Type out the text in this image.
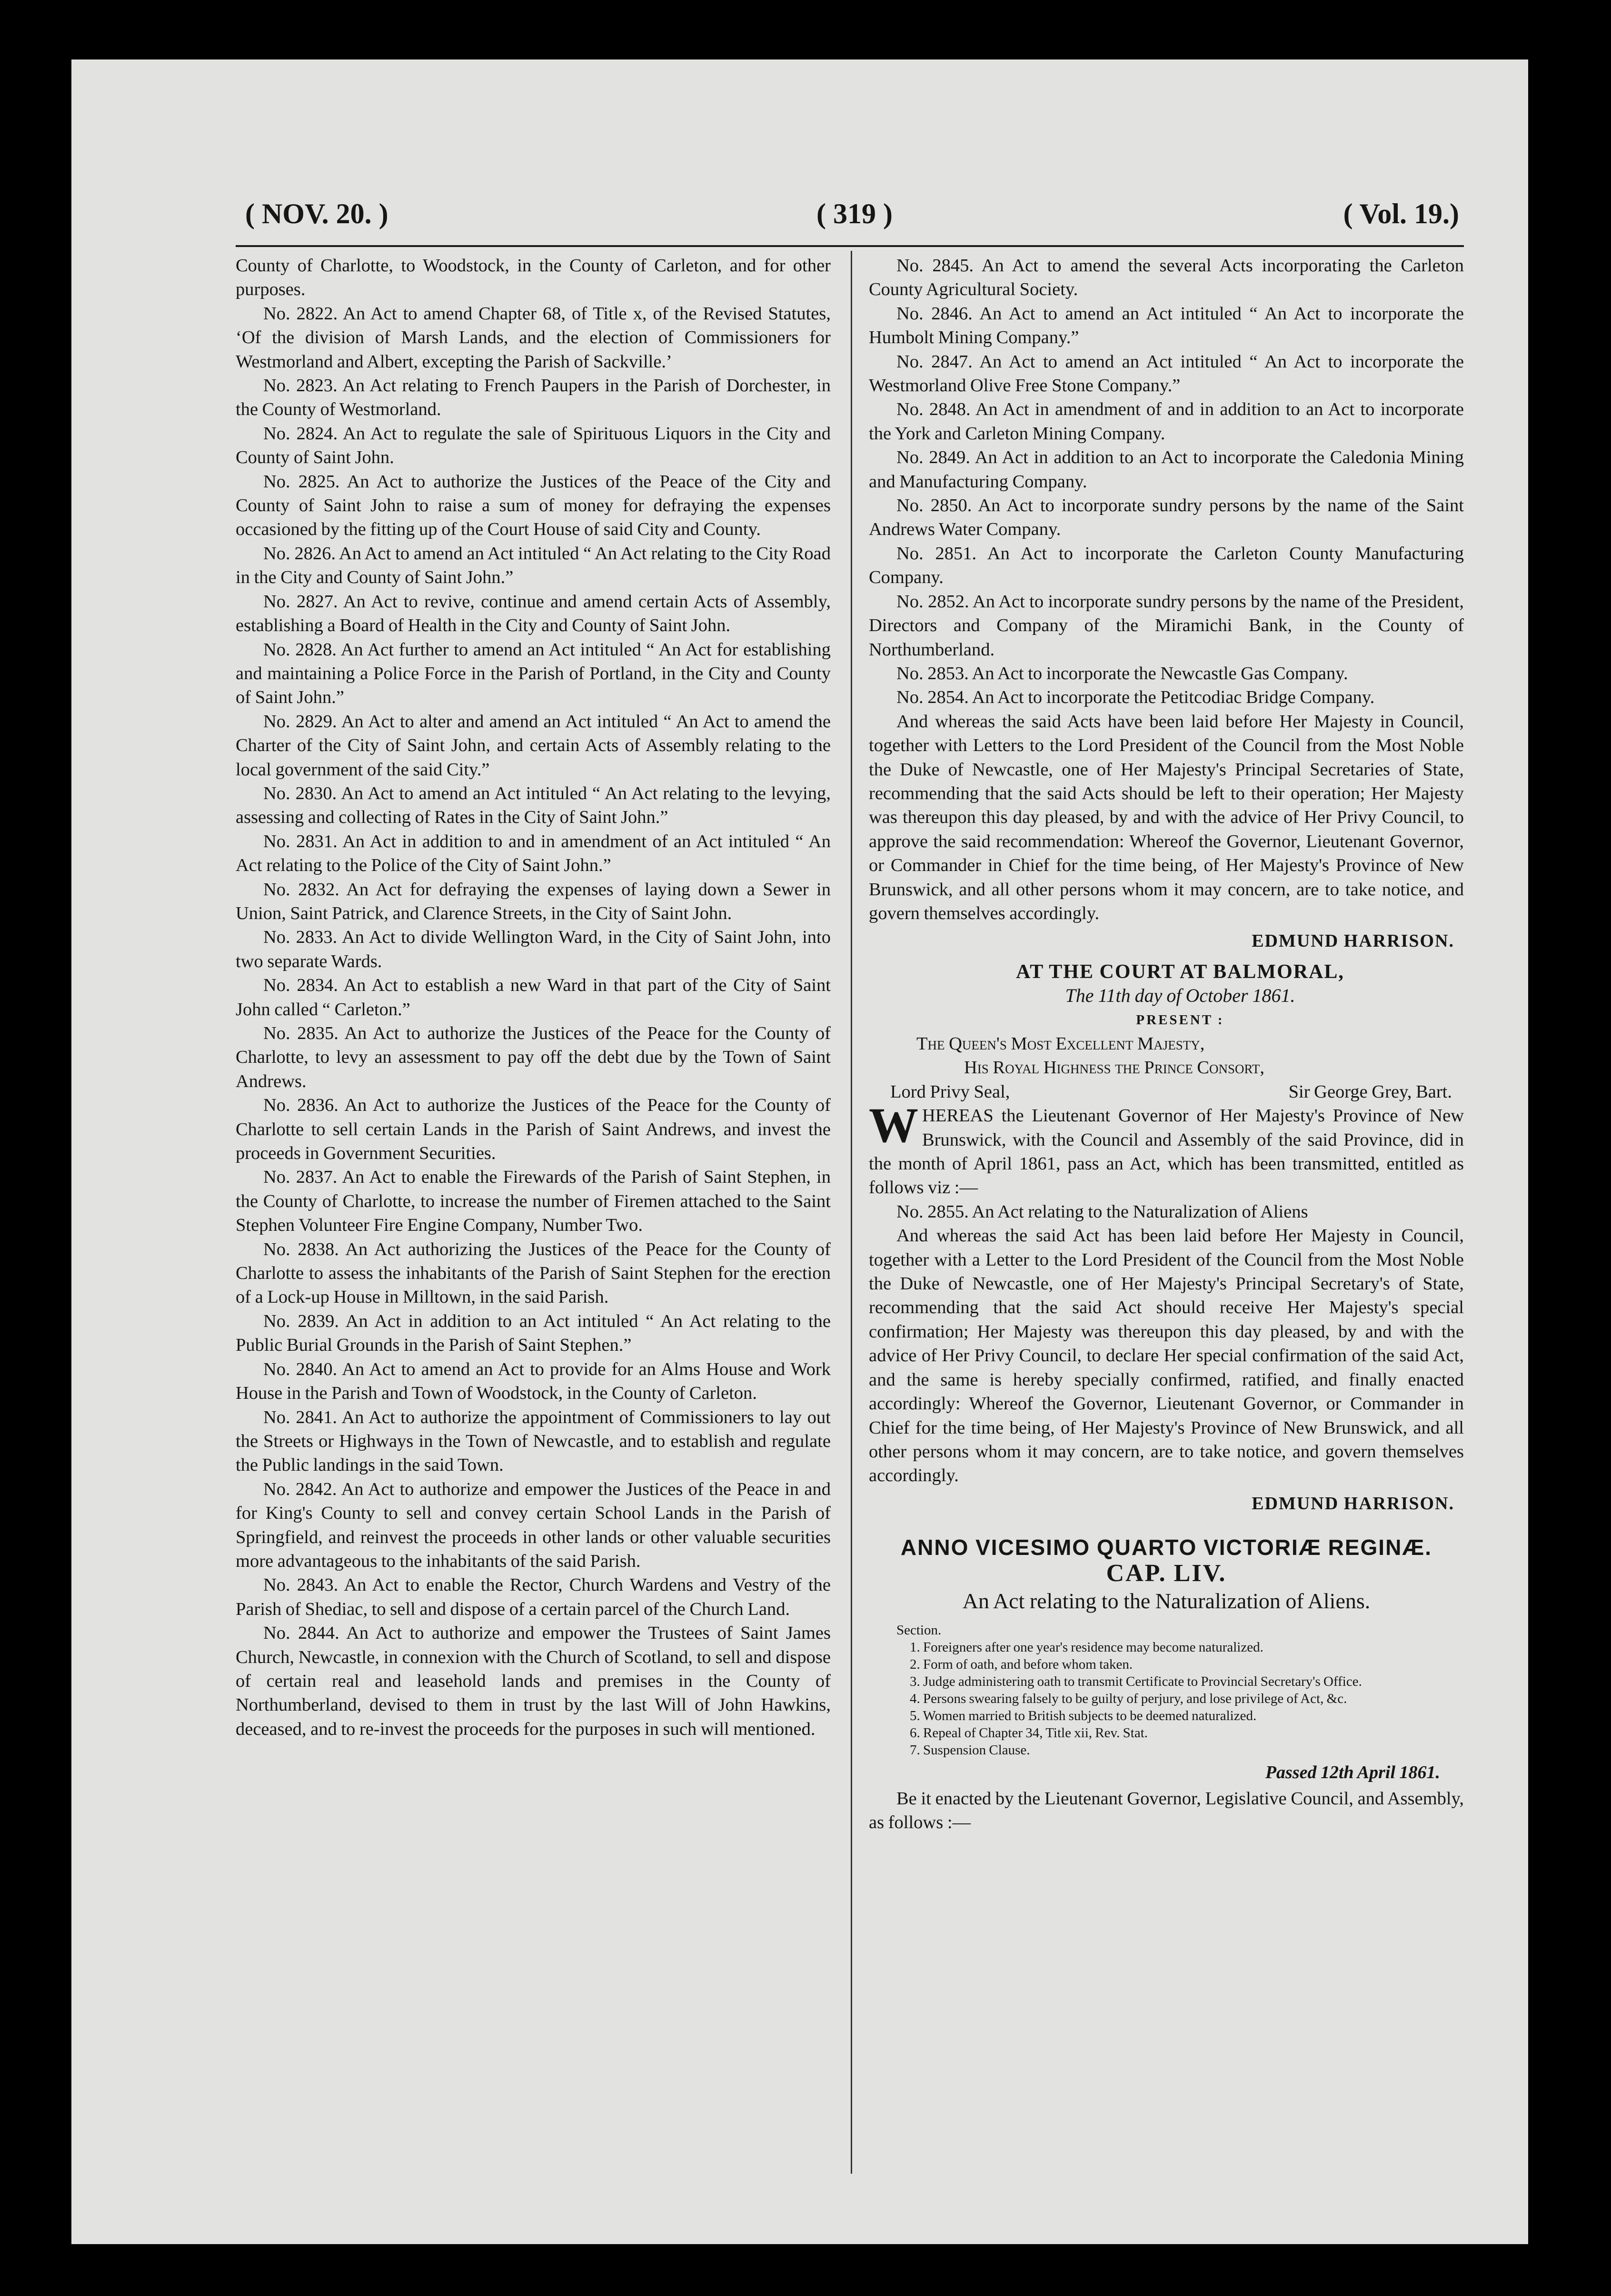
( NOV. 20. )	( 319 )	( Vol. 19.)

County of Charlotte, to Woodstock, in the County of Carleton, and for other purposes.

No. 2822. An Act to amend Chapter 68, of Title x, of the Revised Statutes, ‘Of the division of Marsh Lands, and the election of Commissioners for Westmorland and Albert, excepting the Parish of Sackville.’

No. 2823. An Act relating to French Paupers in the Parish of Dorchester, in the County of Westmorland.

No. 2824. An Act to regulate the sale of Spirituous Liquors in the City and County of Saint John.

No. 2825. An Act to authorize the Justices of the Peace of the City and County of Saint John to raise a sum of money for defraying the expenses occasioned by the fitting up of the Court House of said City and County.

No. 2826. An Act to amend an Act intituled “ An Act relating to the City Road in the City and County of Saint John.”

No. 2827. An Act to revive, continue and amend certain Acts of Assembly, establishing a Board of Health in the City and County of Saint John.

No. 2828. An Act further to amend an Act intituled “ An Act for establishing and maintaining a Police Force in the Parish of Portland, in the City and County of Saint John.”

No. 2829. An Act to alter and amend an Act intituled “ An Act to amend the Charter of the City of Saint John, and certain Acts of Assembly relating to the local government of the said City.”

No. 2830. An Act to amend an Act intituled “ An Act relating to the levying, assessing and collecting of Rates in the City of Saint John.”

No. 2831. An Act in addition to and in amendment of an Act intituled “ An Act relating to the Police of the City of Saint John.”

No. 2832. An Act for defraying the expenses of laying down a Sewer in Union, Saint Patrick, and Clarence Streets, in the City of Saint John.

No. 2833. An Act to divide Wellington Ward, in the City of Saint John, into two separate Wards.

No. 2834. An Act to establish a new Ward in that part of the City of Saint John called “ Carleton.”

No. 2835. An Act to authorize the Justices of the Peace for the County of Charlotte, to levy an assessment to pay off the debt due by the Town of Saint Andrews.

No. 2836. An Act to authorize the Justices of the Peace for the County of Charlotte to sell certain Lands in the Parish of Saint Andrews, and invest the proceeds in Government Securities.

No. 2837. An Act to enable the Firewards of the Parish of Saint Stephen, in the County of Charlotte, to increase the number of Firemen attached to the Saint Stephen Volunteer Fire Engine Company, Number Two.

No. 2838. An Act authorizing the Justices of the Peace for the County of Charlotte to assess the inhabitants of the Parish of Saint Stephen for the erection of a Lock-up House in Milltown, in the said Parish.

No. 2839. An Act in addition to an Act intituled “ An Act relating to the Public Burial Grounds in the Parish of Saint Stephen.”

No. 2840. An Act to amend an Act to provide for an Alms House and Work House in the Parish and Town of Woodstock, in the County of Carleton.

No. 2841. An Act to authorize the appointment of Commissioners to lay out the Streets or Highways in the Town of Newcastle, and to establish and regulate the Public landings in the said Town.

No. 2842. An Act to authorize and empower the Justices of the Peace in and for King's County to sell and convey certain School Lands in the Parish of Springfield, and reinvest the proceeds in other lands or other valuable securities more advantageous to the inhabitants of the said Parish.

No. 2843. An Act to enable the Rector, Church Wardens and Vestry of the Parish of Shediac, to sell and dispose of a certain parcel of the Church Land.

No. 2844. An Act to authorize and empower the Trustees of Saint James Church, Newcastle, in connexion with the Church of Scotland, to sell and dispose of certain real and leasehold lands and premises in the County of Northumberland, devised to them in trust by the last Will of John Hawkins, deceased, and to re-invest the proceeds for the purposes in such will mentioned.

No. 2845. An Act to amend the several Acts incorporating the Carleton County Agricultural Society.

No. 2846. An Act to amend an Act intituled “ An Act to incorporate the Humbolt Mining Company.”

No. 2847. An Act to amend an Act intituled “ An Act to incorporate the Westmorland Olive Free Stone Company.”

No. 2848. An Act in amendment of and in addition to an Act to incorporate the York and Carleton Mining Company.

No. 2849. An Act in addition to an Act to incorporate the Caledonia Mining and Manufacturing Company.

No. 2850. An Act to incorporate sundry persons by the name of the Saint Andrews Water Company.

No. 2851. An Act to incorporate the Carleton County Manufacturing Company.

No. 2852. An Act to incorporate sundry persons by the name of the President, Directors and Company of the Miramichi Bank, in the County of Northumberland.

No. 2853. An Act to incorporate the Newcastle Gas Company.

No. 2854. An Act to incorporate the Petitcodiac Bridge Company.

And whereas the said Acts have been laid before Her Majesty in Council, together with Letters to the Lord President of the Council from the Most Noble the Duke of Newcastle, one of Her Majesty's Principal Secretaries of State, recommending that the said Acts should be left to their operation; Her Majesty was thereupon this day pleased, by and with the advice of Her Privy Council, to approve the said recommendation: Whereof the Governor, Lieutenant Governor, or Commander in Chief for the time being, of Her Majesty's Province of New Brunswick, and all other persons whom it may concern, are to take notice, and govern themselves accordingly.

EDMUND HARRISON.

AT THE COURT AT BALMORAL,

The 11th day of October 1861.

PRESENT :

The Queen's Most Excellent Majesty,
His Royal Highness the Prince Consort,
Lord Privy Seal,	Sir George Grey, Bart.

WHEREAS the Lieutenant Governor of Her Majesty's Province of New Brunswick, with the Council and Assembly of the said Province, did in the month of April 1861, pass an Act, which has been transmitted, entitled as follows viz :—

No. 2855. An Act relating to the Naturalization of Aliens

And whereas the said Act has been laid before Her Majesty in Council, together with a Letter to the Lord President of the Council from the Most Noble the Duke of Newcastle, one of Her Majesty's Principal Secretary's of State, recommending that the said Act should receive Her Majesty's special confirmation; Her Majesty was thereupon this day pleased, by and with the advice of Her Privy Council, to declare Her special confirmation of the said Act, and the same is hereby specially confirmed, ratified, and finally enacted accordingly: Whereof the Governor, Lieutenant Governor, or Commander in Chief for the time being, of Her Majesty's Province of New Brunswick, and all other persons whom it may concern, are to take notice, and govern themselves accordingly.

EDMUND HARRISON.
ANNO VICESIMO QUARTO VICTORIÆ REGINÆ.
CAP. LIV.
An Act relating to the Naturalization of Aliens.

Section.

1. Foreigners after one year's residence may become naturalized.

2. Form of oath, and before whom taken.

3. Judge administering oath to transmit Certificate to Provincial Secretary's Office.

4. Persons swearing falsely to be guilty of perjury, and lose privilege of Act, &c.

5. Women married to British subjects to be deemed naturalized.

6. Repeal of Chapter 34, Title xii, Rev. Stat.

7. Suspension Clause.

Passed 12th April 1861.

Be it enacted by the Lieutenant Governor, Legislative Council, and Assembly, as follows :—
